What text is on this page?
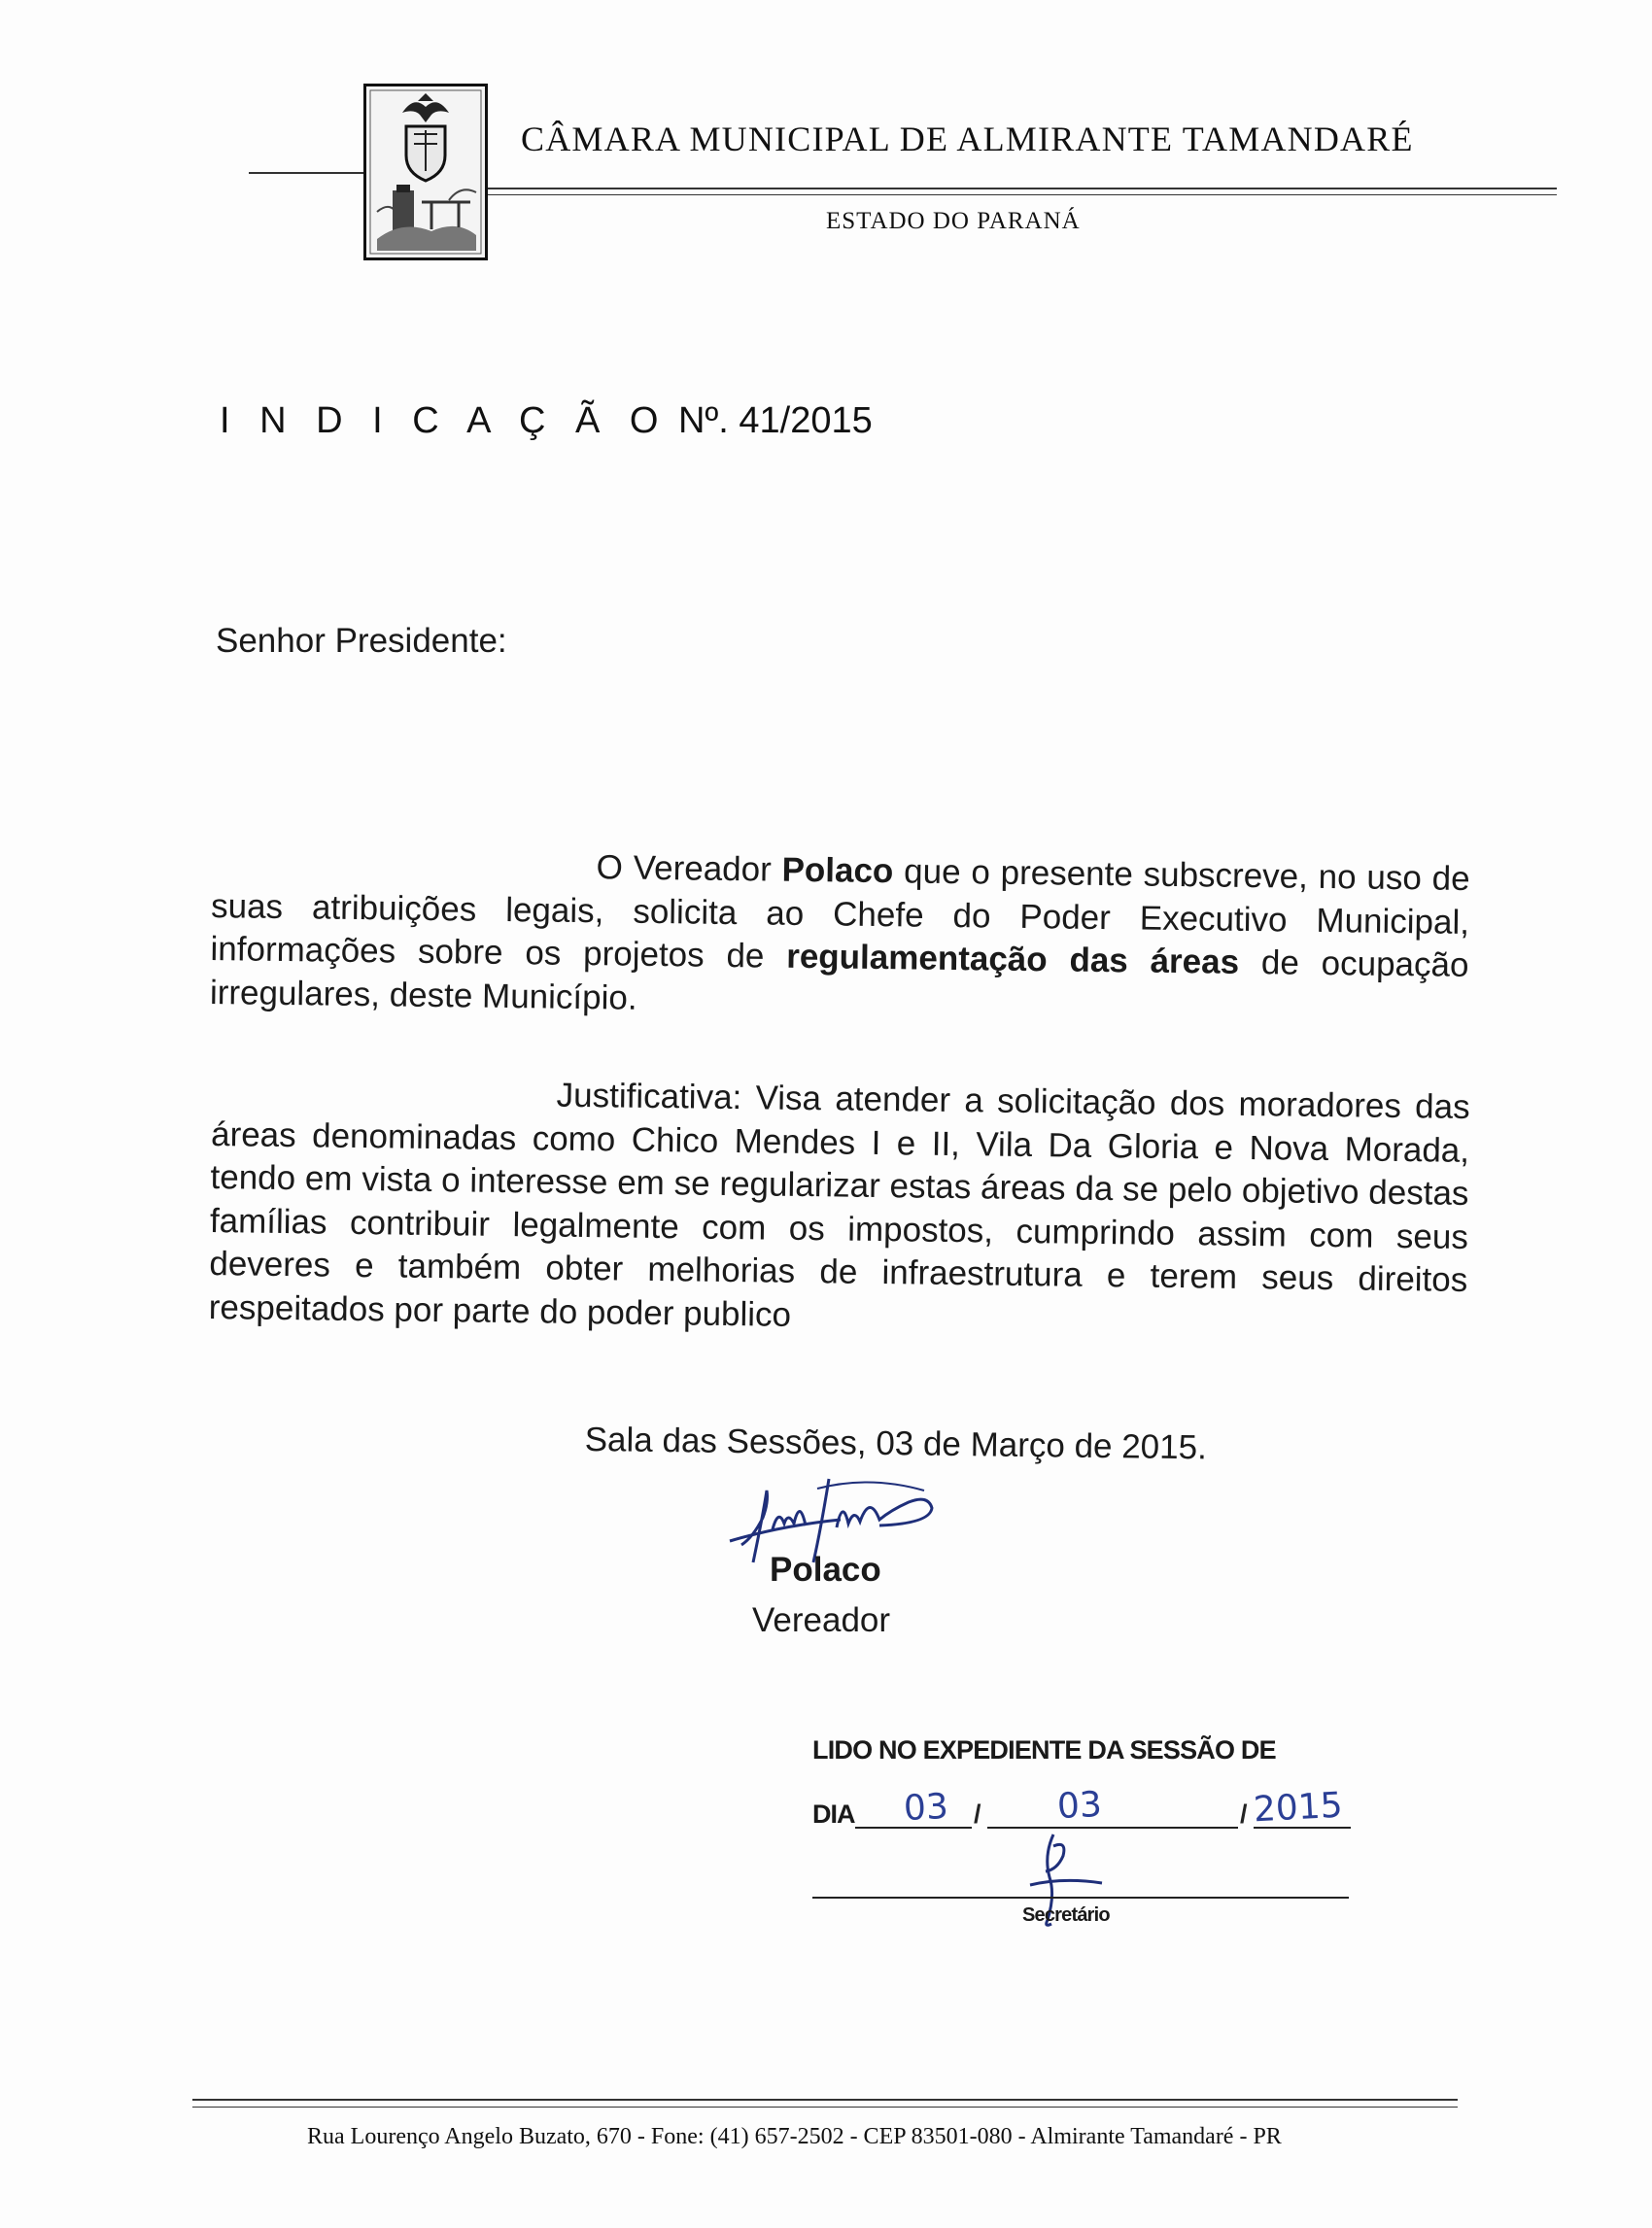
CÂMARA MUNICIPAL DE ALMIRANTE TAMANDARÉ
ESTADO DO PARANÁ
I N D I C A Ç Ã O Nº. 41/2015
Senhor Presidente:
O Vereador Polaco que o presente subscreve, no uso de suas atribuições legais, solicita ao Chefe do Poder Executivo Municipal, informações sobre os projetos de regulamentação das áreas de ocupação irregulares, deste Município.
Justificativa: Visa atender a solicitação dos moradores das áreas denominadas como Chico Mendes I e II, Vila Da Gloria e Nova Morada, tendo em vista o interesse em se regularizar estas áreas da se pelo objetivo destas famílias contribuir legalmente com os impostos, cumprindo assim com seus deveres e também obter melhorias de infraestrutura e terem seus direitos respeitados por parte do poder publico
Sala das Sessões, 03 de Março de 2015.
Polaco
Vereador
LIDO NO EXPEDIENTE DA SESSÃO DE
DIA	/	/
03	03	2015
Secretário
Rua Lourenço Angelo Buzato, 670 - Fone: (41) 657-2502 - CEP 83501-080 - Almirante Tamandaré - PR
